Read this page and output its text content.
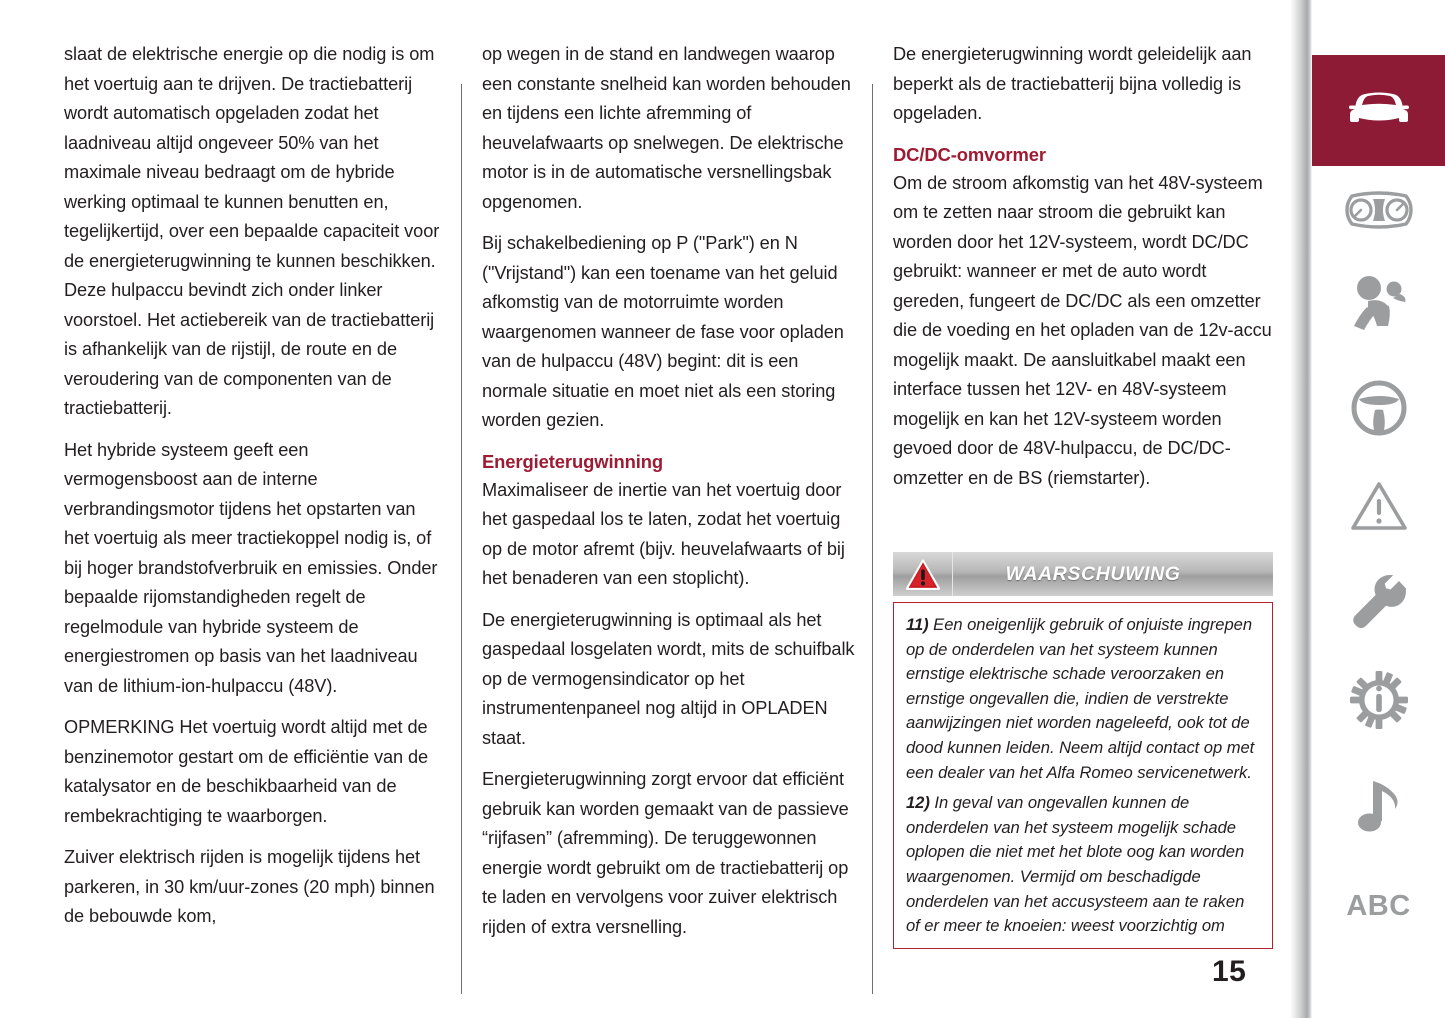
slaat de elektrische energie op die nodig is om het voertuig aan te drijven. De tractiebatterij wordt automatisch opgeladen zodat het laadniveau altijd ongeveer 50% van het maximale niveau bedraagt om de hybride werking optimaal te kunnen benutten en, tegelijkertijd, over een bepaalde capaciteit voor de energieterugwinning te kunnen beschikken. Deze hulpaccu bevindt zich onder linker voorstoel. Het actiebereik van de tractiebatterij is afhankelijk van de rijstijl, de route en de veroudering van de componenten van de tractiebatterij.

Het hybride systeem geeft een vermogensboost aan de interne verbrandingsmotor tijdens het opstarten van het voertuig als meer tractiekoppel nodig is, of bij hoger brandstofverbruik en emissies. Onder bepaalde rijomstandigheden regelt de regelmodule van hybride systeem de energiestromen op basis van het laadniveau van de lithium-ion-hulpaccu (48V).

OPMERKING Het voertuig wordt altijd met de benzinemotor gestart om de efficiëntie van de katalysator en de beschikbaarheid van de rembekrachtiging te waarborgen.

Zuiver elektrisch rijden is mogelijk tijdens het parkeren, in 30 km/uur-zones (20 mph) binnen de bebouwde kom,

op wegen in de stand en landwegen waarop een constante snelheid kan worden behouden en tijdens een lichte afremming of heuvelafwaarts op snelwegen. De elektrische motor is in de automatische versnellingsbak opgenomen.

Bij schakelbediening op P ("Park") en N ("Vrijstand") kan een toename van het geluid afkomstig van de motorruimte worden waargenomen wanneer de fase voor opladen van de hulpaccu (48V) begint: dit is een normale situatie en moet niet als een storing worden gezien.

Energieterugwinning

Maximaliseer de inertie van het voertuig door het gaspedaal los te laten, zodat het voertuig op de motor afremt (bijv. heuvelafwaarts of bij het benaderen van een stoplicht).

De energieterugwinning is optimaal als het gaspedaal losgelaten wordt, mits de schuifbalk op de vermogensindicator op het instrumentenpaneel nog altijd in OPLADEN staat.

Energieterugwinning zorgt ervoor dat efficiënt gebruik kan worden gemaakt van de passieve “rijfasen” (afremming). De teruggewonnen energie wordt gebruikt om de tractiebatterij op te laden en vervolgens voor zuiver elektrisch rijden of extra versnelling.

De energieterugwinning wordt geleidelijk aan beperkt als de tractiebatterij bijna volledig is opgeladen.

DC/DC-omvormer

Om de stroom afkomstig van het 48V-systeem om te zetten naar stroom die gebruikt kan worden door het 12V-systeem, wordt DC/DC gebruikt: wanneer er met de auto wordt gereden, fungeert de DC/DC als een omzetter die de voeding en het opladen van de 12v-accu mogelijk maakt. De aansluitkabel maakt een interface tussen het 12V- en 48V-systeem mogelijk en kan het 12V-systeem worden gevoed door de 48V-hulpaccu, de DC/DC-omzetter en de BS (riemstarter).

WAARSCHUWING

11) Een oneigenlijk gebruik of onjuiste ingrepen op de onderdelen van het systeem kunnen ernstige elektrische schade veroorzaken en ernstige ongevallen die, indien de verstrekte aanwijzingen niet worden nageleefd, ook tot de dood kunnen leiden. Neem altijd contact op met een dealer van het Alfa Romeo servicenetwerk.

12) In geval van ongevallen kunnen de onderdelen van het systeem mogelijk schade oplopen die niet met het blote oog kan worden waargenomen. Vermijd om beschadigde onderdelen van het accusysteem aan te raken of er meer te knoeien: weest voorzichtig om

15
ABC
